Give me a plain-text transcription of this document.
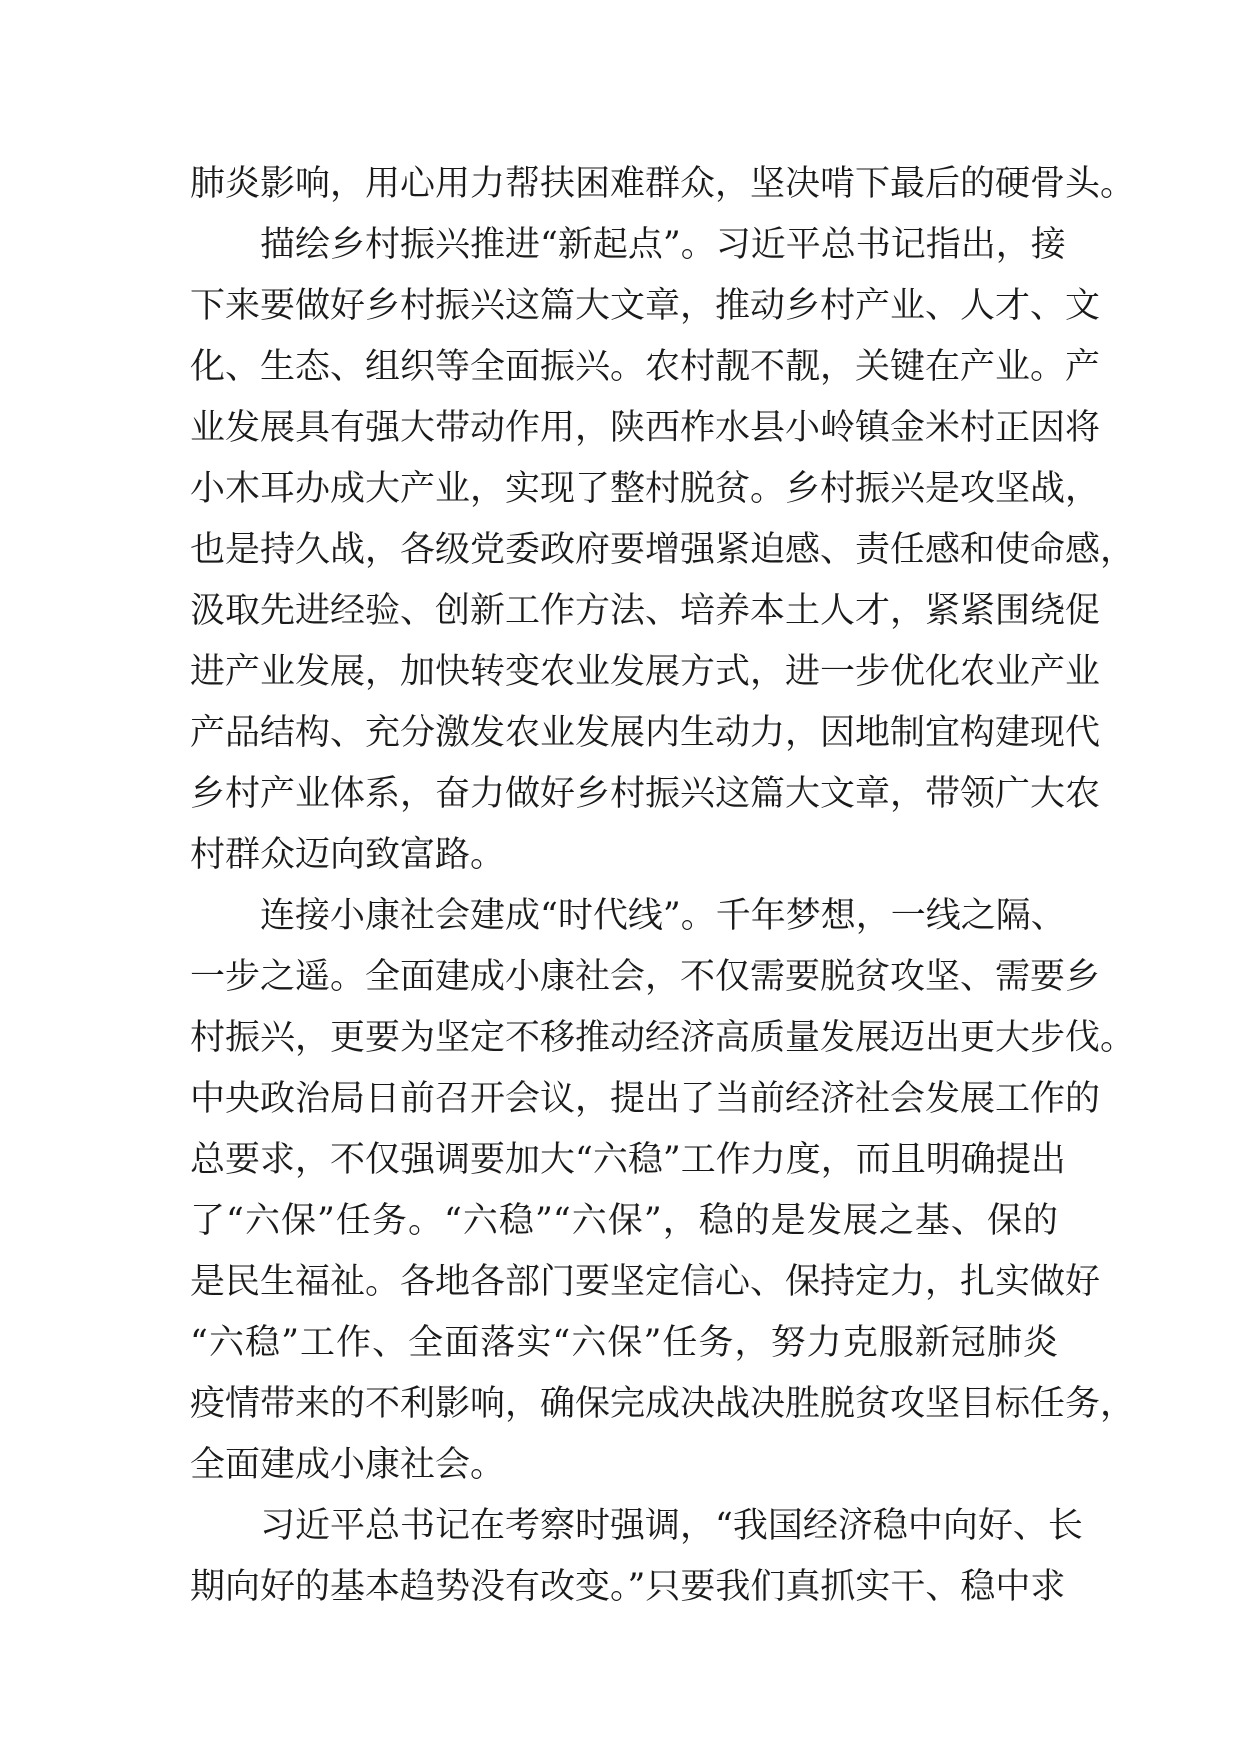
肺炎影响，用心用力帮扶困难群众，坚决啃下最后的硬骨头。
描绘乡村振兴推进“新起点”。习近平总书记指出，接
下来要做好乡村振兴这篇大文章，推动乡村产业、人才、文
化、生态、组织等全面振兴。农村靓不靓，关键在产业。产
业发展具有强大带动作用，陕西柞水县小岭镇金米村正因将
小木耳办成大产业，实现了整村脱贫。乡村振兴是攻坚战，
也是持久战，各级党委政府要增强紧迫感、责任感和使命感，
汲取先进经验、创新工作方法、培养本土人才，紧紧围绕促
进产业发展，加快转变农业发展方式，进一步优化农业产业
产品结构、充分激发农业发展内生动力，因地制宜构建现代
乡村产业体系，奋力做好乡村振兴这篇大文章，带领广大农
村群众迈向致富路。
连接小康社会建成“时代线”。千年梦想，一线之隔、
一步之遥。全面建成小康社会，不仅需要脱贫攻坚、需要乡
村振兴，更要为坚定不移推动经济高质量发展迈出更大步伐。
中央政治局日前召开会议，提出了当前经济社会发展工作的
总要求，不仅强调要加大“六稳”工作力度，而且明确提出
了“六保”任务。“六稳”“六保”，稳的是发展之基、保的
是民生福祉。各地各部门要坚定信心、保持定力，扎实做好
“六稳”工作、全面落实“六保”任务，努力克服新冠肺炎
疫情带来的不利影响，确保完成决战决胜脱贫攻坚目标任务，
全面建成小康社会。
习近平总书记在考察时强调，“我国经济稳中向好、长
期向好的基本趋势没有改变。”只要我们真抓实干、稳中求
